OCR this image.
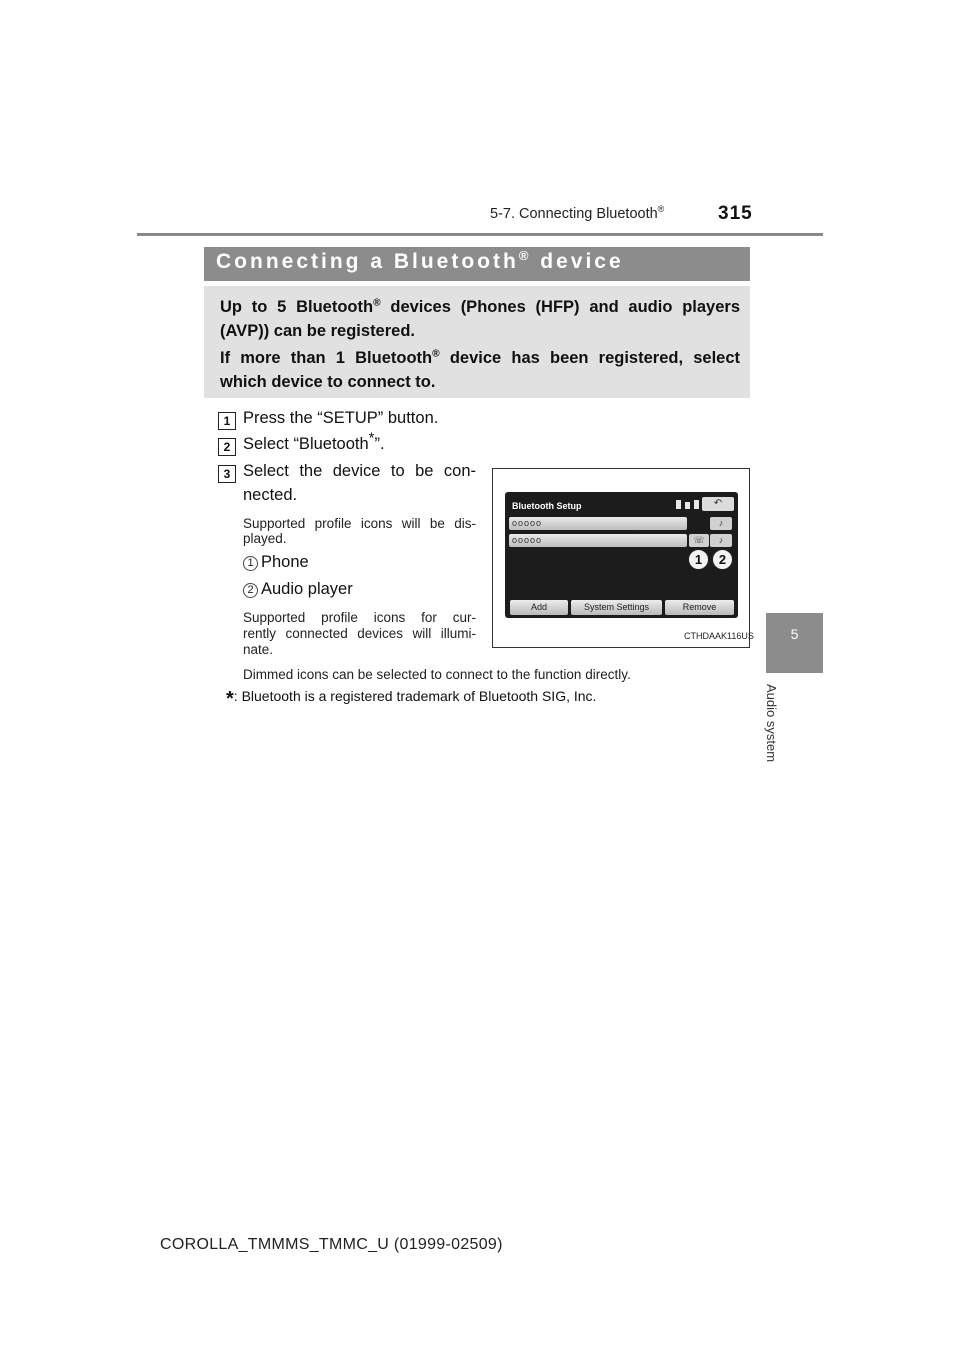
5-7. Connecting Bluetooth®	315
5
Audio system
Connecting a Bluetooth® device
Up to 5 Bluetooth® devices (Phones (HFP) and audio players
(AVP)) can be registered.
If more than 1 Bluetooth® device has been registered, select
which device to connect to.
1 Press the “SETUP” button.
2 Select “Bluetooth*”.
3 Select the device to be con-
nected.
Supported profile icons will be dis-
played.
1 Phone
2 Audio player
Supported profile icons for cur-
rently connected devices will illumi-
nate.
Dimmed icons can be selected to connect to the function directly.
Bluetooth Setup	↶
ooooo	♪
ooooo	☏	♪
1	2
Add	System Settings	Remove
CTHDAAK116US
*: Bluetooth is a registered trademark of Bluetooth SIG, Inc.
COROLLA_TMMMS_TMMC_U (01999-02509)
